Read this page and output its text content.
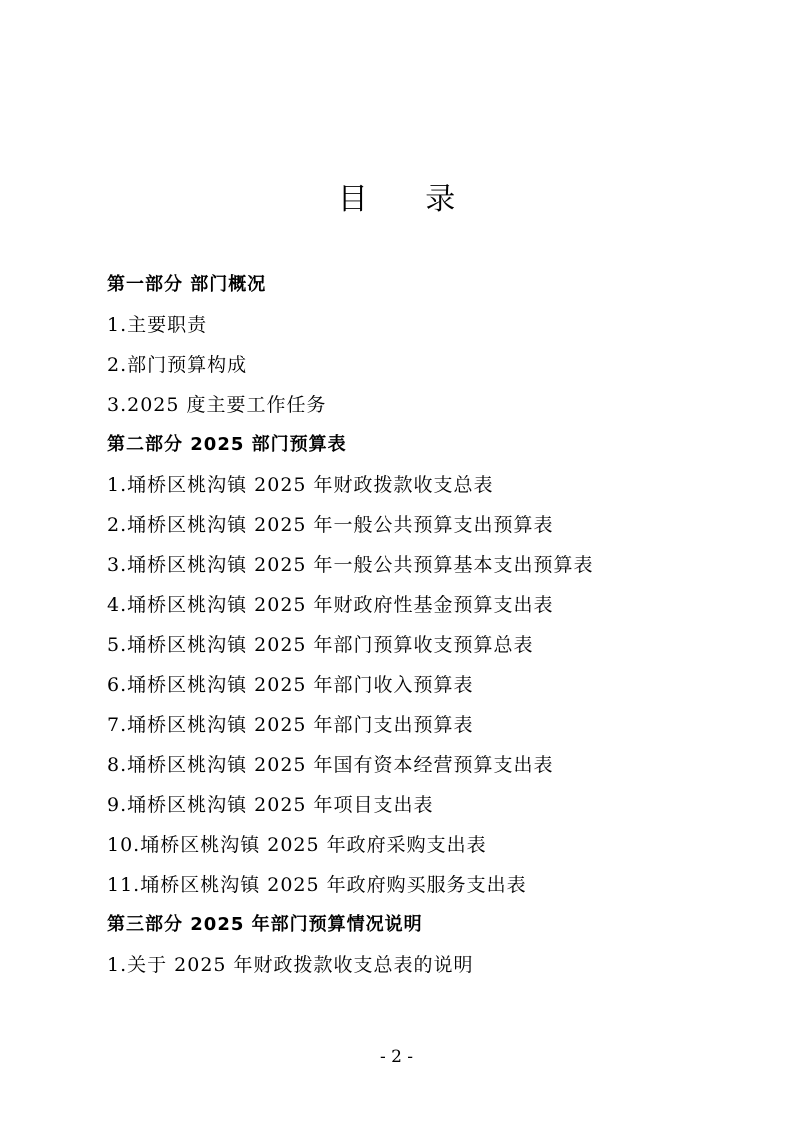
目 录
第一部分 部门概况
1.主要职责
2.部门预算构成
3.2025 度主要工作任务
第二部分 2025 部门预算表
1.埇桥区桃沟镇 2025 年财政拨款收支总表
2.埇桥区桃沟镇 2025 年一般公共预算支出预算表
3.埇桥区桃沟镇 2025 年一般公共预算基本支出预算表
4.埇桥区桃沟镇 2025 年财政府性基金预算支出表
5.埇桥区桃沟镇 2025 年部门预算收支预算总表
6.埇桥区桃沟镇 2025 年部门收入预算表
7.埇桥区桃沟镇 2025 年部门支出预算表
8.埇桥区桃沟镇 2025 年国有资本经营预算支出表
9.埇桥区桃沟镇 2025 年项目支出表
10.埇桥区桃沟镇 2025 年政府采购支出表
11.埇桥区桃沟镇 2025 年政府购买服务支出表
第三部分 2025 年部门预算情况说明
1.关于 2025 年财政拨款收支总表的说明
- 2 -
